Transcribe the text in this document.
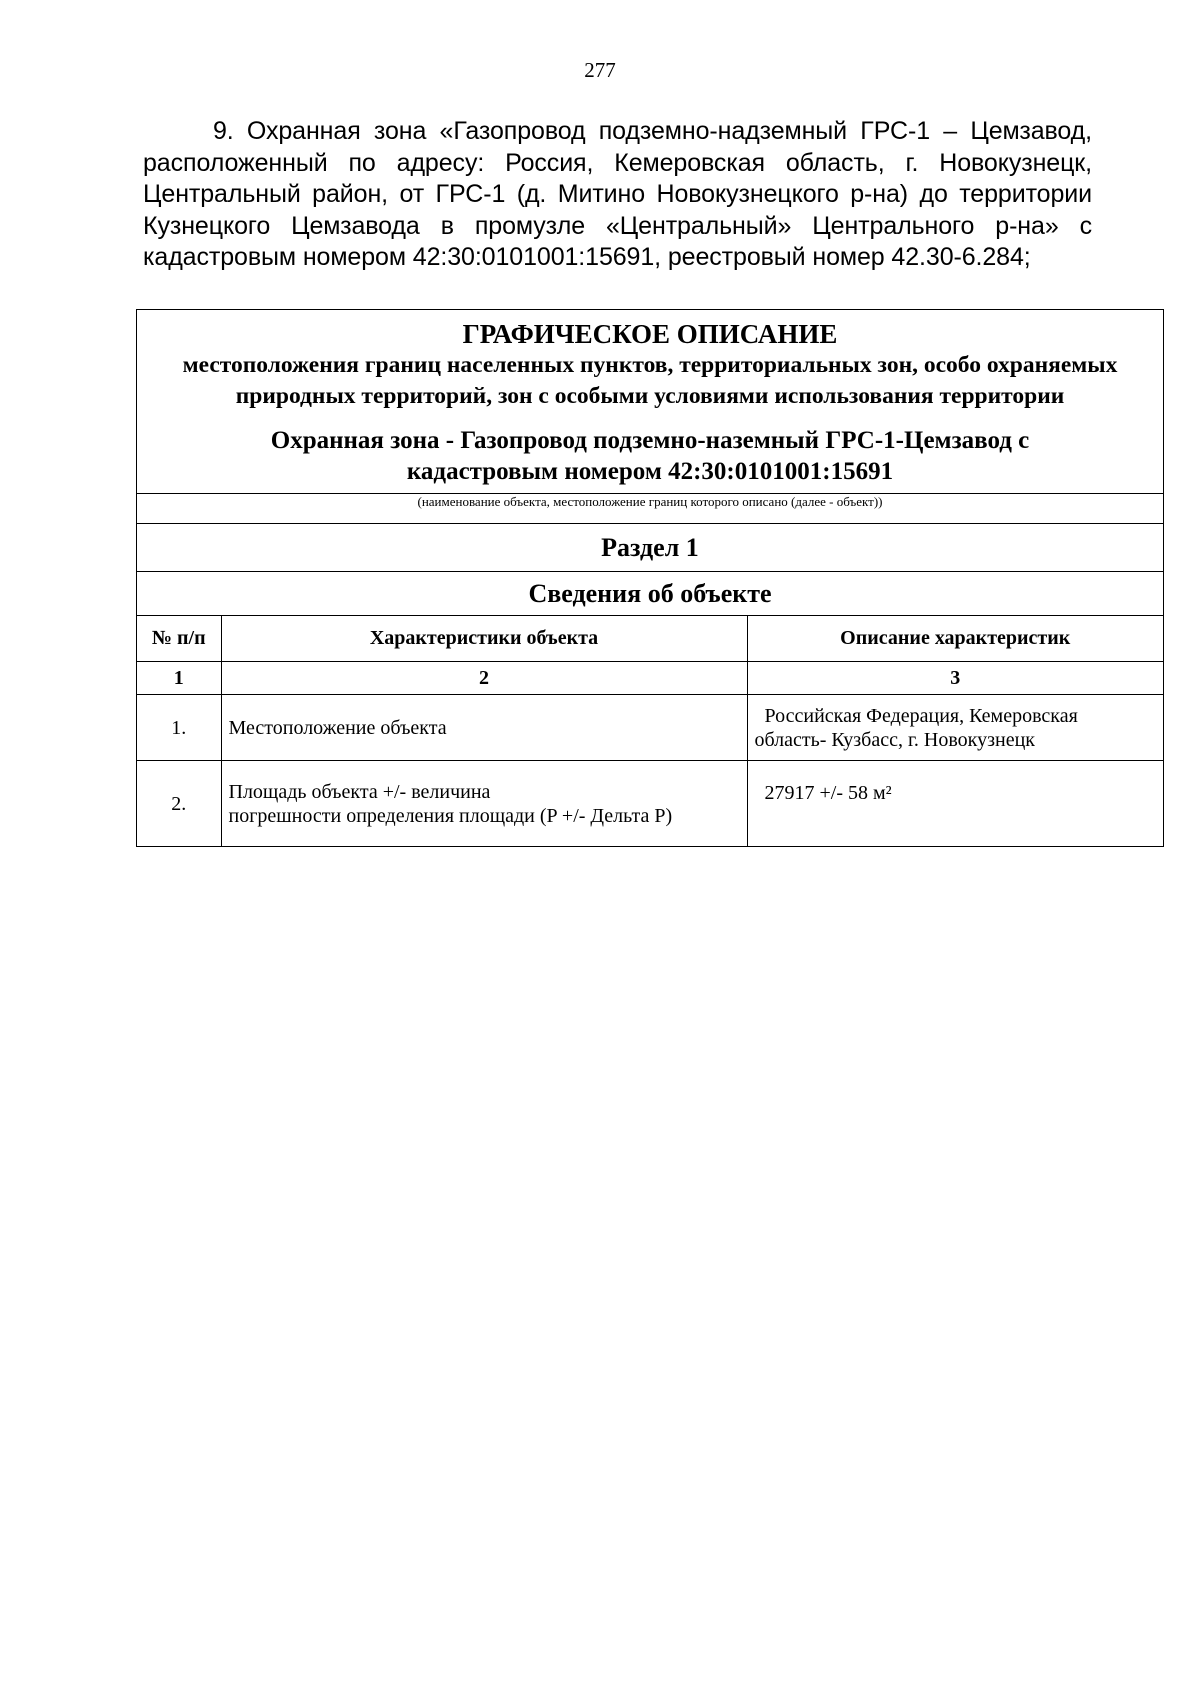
277

9. Охранная зона «Газопровод подземно-надземный ГРС-1 – Цемзавод, расположенный по адресу: Россия, Кемеровская область, г. Новокузнецк, Центральный район, от ГРС-1 (д. Митино Новокузнецкого р-на) до территории Кузнецкого Цемзавода в промузле «Центральный» Центрального р-на» с кадастровым номером 42:30:0101001:15691, реестровый номер 42.30-6.284;

ГРАФИЧЕСКОЕ ОПИСАНИЕ
местоположения границ населенных пунктов, территориальных зон, особо охраняемых природных территорий, зон с особыми условиями использования территории
Охранная зона - Газопровод подземно-наземный ГРС-1-Цемзавод с
кадастровым номером 42:30:0101001:15691
(наименование объекта, местоположение границ которого описано (далее - объект))
Раздел 1
Сведения об объекте
№ п/п	Характеристики объекта	Описание характеристик
1	2	3
1.	Местоположение объекта	Российская Федерация, Кемеровская
область- Кузбасс, г. Новокузнецк

2.	Площадь объекта +/- величина
погрешности определения площади (P +/- Дельта P)	27917 +/- 58 м²
